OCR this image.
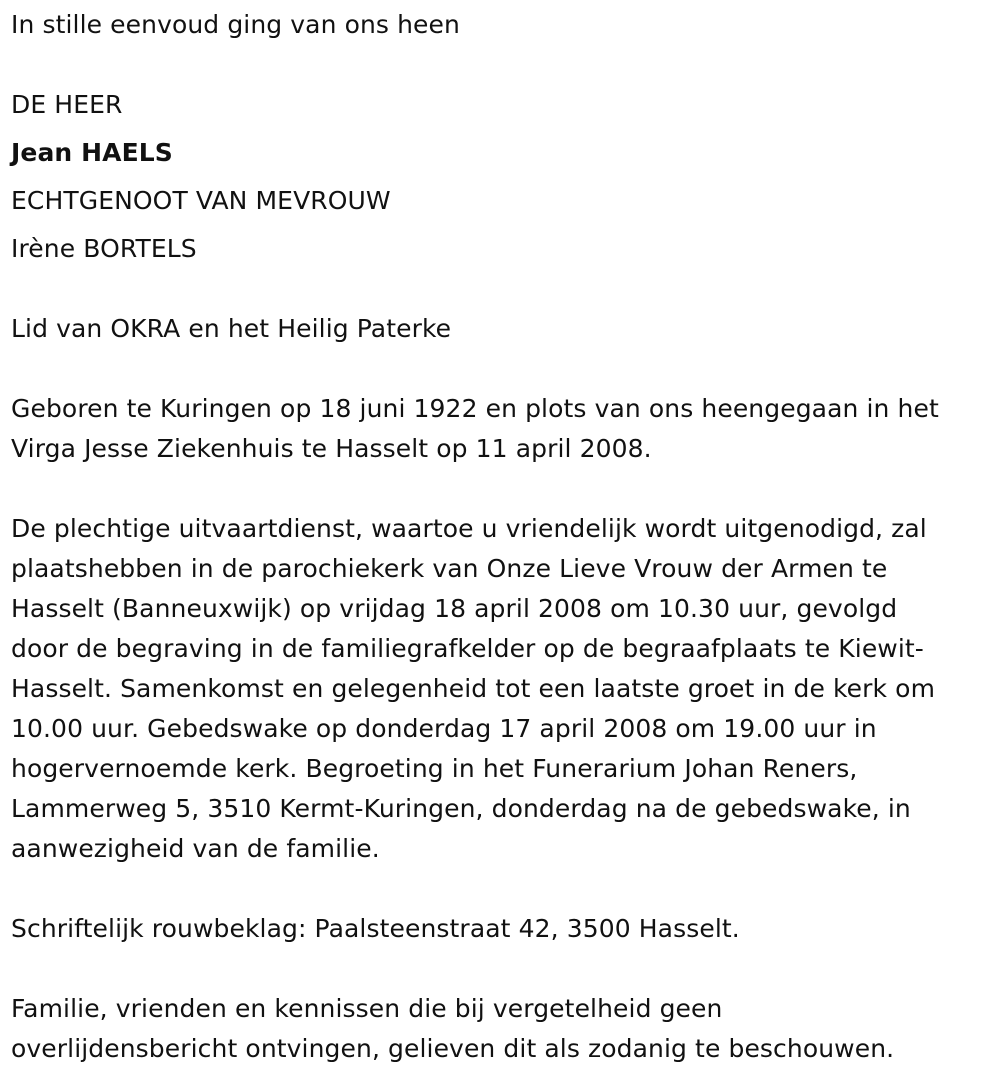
In stille eenvoud ging van ons heen
DE HEER
Jean HAELS
ECHTGENOOT VAN MEVROUW
Irène BORTELS
Lid van OKRA en het Heilig Paterke
Geboren te Kuringen op 18 juni 1922 en plots van ons heengegaan in het
Virga Jesse Ziekenhuis te Hasselt op 11 april 2008.
De plechtige uitvaartdienst, waartoe u vriendelijk wordt uitgenodigd, zal
plaatshebben in de parochiekerk van Onze Lieve Vrouw der Armen te
Hasselt (Banneuxwijk) op vrijdag 18 april 2008 om 10.30 uur, gevolgd
door de begraving in de familiegrafkelder op de begraafplaats te Kiewit-
Hasselt. Samenkomst en gelegenheid tot een laatste groet in de kerk om
10.00 uur. Gebedswake op donderdag 17 april 2008 om 19.00 uur in
hogervernoemde kerk. Begroeting in het Funerarium Johan Reners,
Lammerweg 5, 3510 Kermt-Kuringen, donderdag na de gebedswake, in
aanwezigheid van de familie.
Schriftelijk rouwbeklag: Paalsteenstraat 42, 3500 Hasselt.
Familie, vrienden en kennissen die bij vergetelheid geen
overlijdensbericht ontvingen, gelieven dit als zodanig te beschouwen.
